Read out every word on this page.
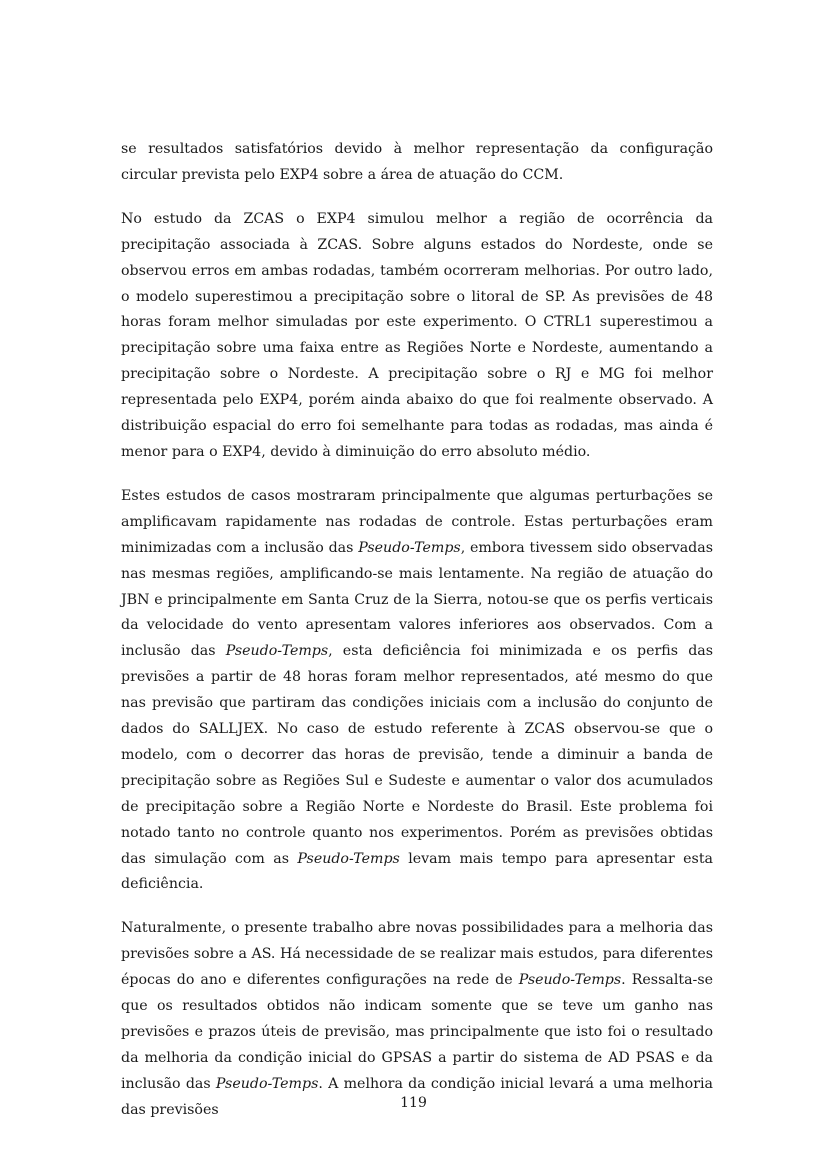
se resultados satisfatórios devido à melhor representação da configuração circular prevista pelo EXP4 sobre a área de atuação do CCM.

No estudo da ZCAS o EXP4 simulou melhor a região de ocorrência da precipitação associada à ZCAS. Sobre alguns estados do Nordeste, onde se observou erros em ambas rodadas, também ocorreram melhorias. Por outro lado, o modelo superestimou a precipitação sobre o litoral de SP. As previsões de 48 horas foram melhor simuladas por este experimento. O CTRL1 superestimou a precipitação sobre uma faixa entre as Regiões Norte e Nordeste, aumentando a precipitação sobre o Nordeste. A precipitação sobre o RJ e MG foi melhor representada pelo EXP4, porém ainda abaixo do que foi realmente observado. A distribuição espacial do erro foi semelhante para todas as rodadas, mas ainda é menor para o EXP4, devido à diminuição do erro absoluto médio.

Estes estudos de casos mostraram principalmente que algumas perturbações se amplificavam rapidamente nas rodadas de controle. Estas perturbações eram minimizadas com a inclusão das Pseudo-Temps, embora tivessem sido observadas nas mesmas regiões, amplificando-se mais lentamente. Na região de atuação do JBN e principalmente em Santa Cruz de la Sierra, notou-se que os perfis verticais da velocidade do vento apresentam valores inferiores aos observados. Com a inclusão das Pseudo-Temps, esta deficiência foi minimizada e os perfis das previsões a partir de 48 horas foram melhor representados, até mesmo do que nas previsão que partiram das condições iniciais com a inclusão do conjunto de dados do SALLJEX. No caso de estudo referente à ZCAS observou-se que o modelo, com o decorrer das horas de previsão, tende a diminuir a banda de precipitação sobre as Regiões Sul e Sudeste e aumentar o valor dos acumulados de precipitação sobre a Região Norte e Nordeste do Brasil. Este problema foi notado tanto no controle quanto nos experimentos. Porém as previsões obtidas das simulação com as Pseudo-Temps levam mais tempo para apresentar esta deficiência.

Naturalmente, o presente trabalho abre novas possibilidades para a melhoria das previsões sobre a AS. Há necessidade de se realizar mais estudos, para diferentes épocas do ano e diferentes configurações na rede de Pseudo-Temps. Ressalta-se que os resultados obtidos não indicam somente que se teve um ganho nas previsões e prazos úteis de previsão, mas principalmente que isto foi o resultado da melhoria da condição inicial do GPSAS a partir do sistema de AD PSAS e da inclusão das Pseudo-Temps. A melhora da condição inicial levará a uma melhoria das previsões	119
